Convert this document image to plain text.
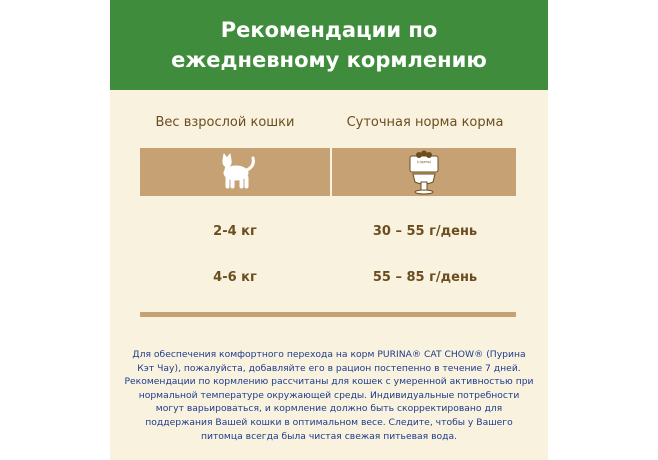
Рекомендации по ежедневному кормлению
Вес взрослой кошки	Суточная норма корма
(г/день)
2-4 кг	30 – 55 г/день
4-6 кг	55 – 85 г/день
Для обеспечения комфортного перехода на корм PURINA® CAT CHOW® (Пурина Кэт Чау), пожалуйста, добавляйте его в рацион постепенно в течение 7 дней. Рекомендации по кормлению рассчитаны для кошек с умеренной активностью при нормальной температуре окружающей среды. Индивидуальные потребности могут варьироваться, и кормление должно быть скорректировано для поддержания Вашей кошки в оптимальном весе. Следите, чтобы у Вашего питомца всегда была чистая свежая питьевая вода.
